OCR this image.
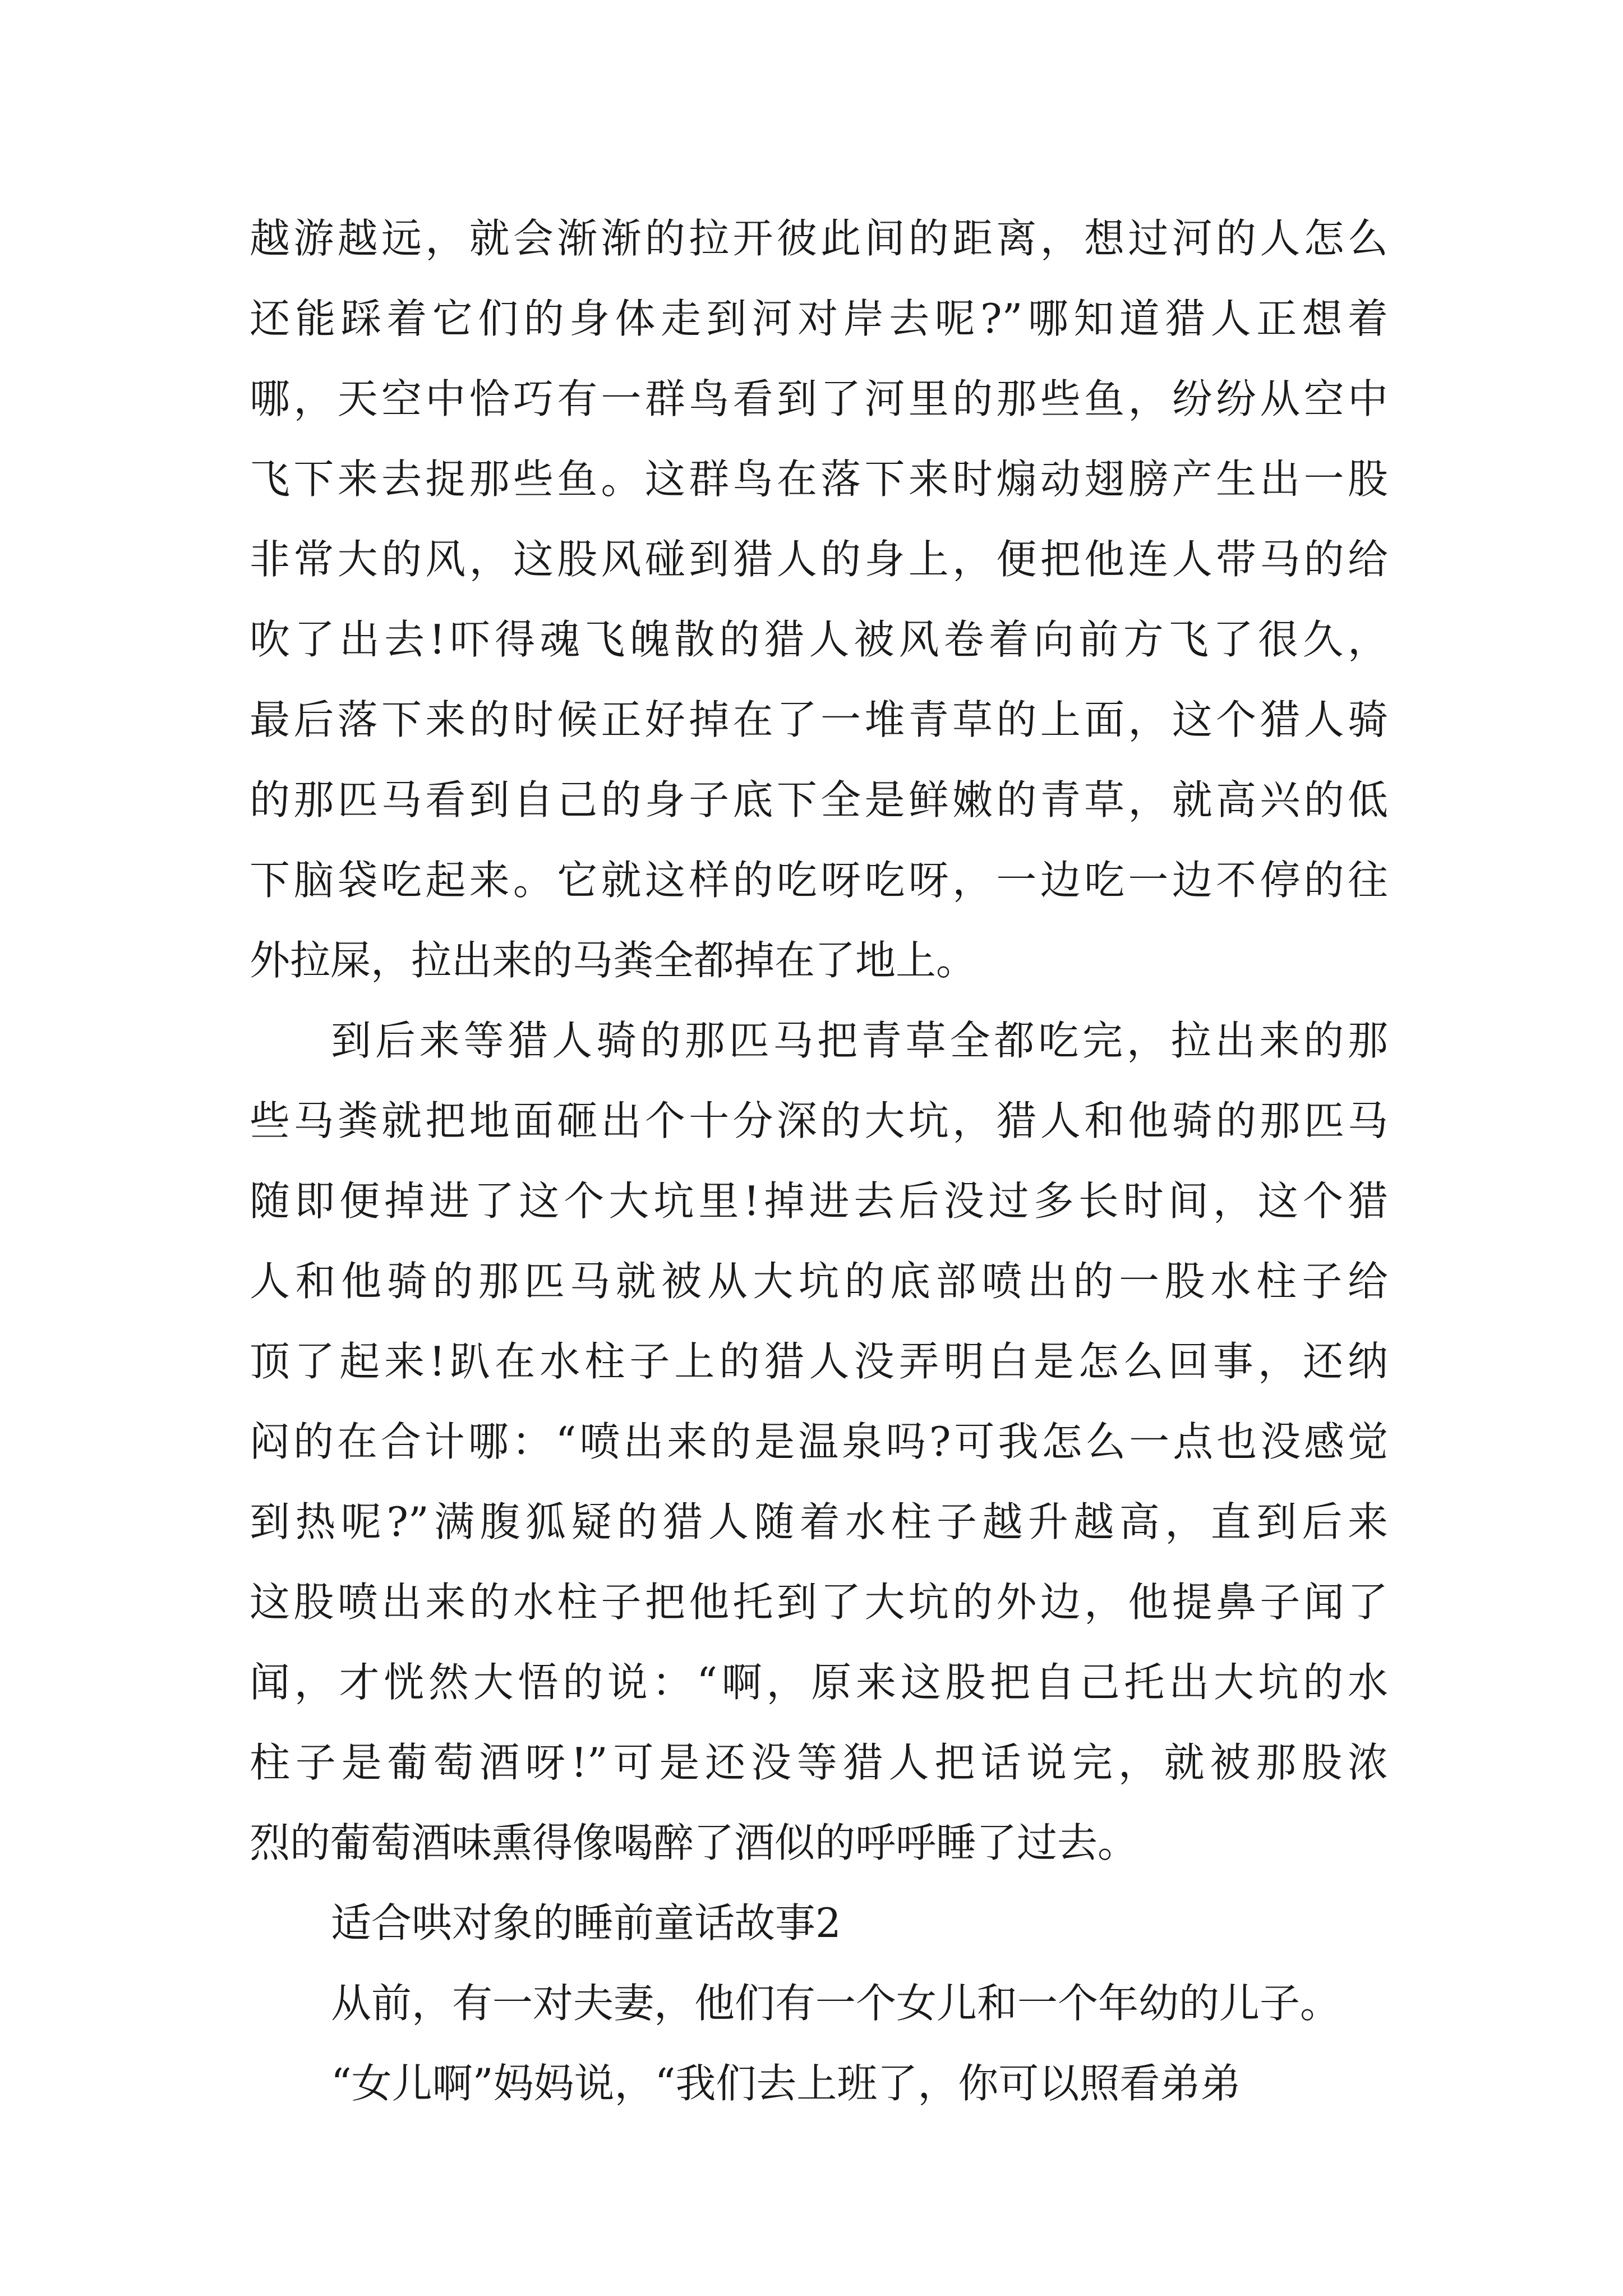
越游越远，就会渐渐的拉开彼此间的距离，想过河的人怎么
还能踩着它们的身体走到河对岸去呢?”哪知道猎人正想着
哪，天空中恰巧有一群鸟看到了河里的那些鱼，纷纷从空中
飞下来去捉那些鱼。这群鸟在落下来时煽动翅膀产生出一股
非常大的风，这股风碰到猎人的身上，便把他连人带马的给
吹了出去!吓得魂飞魄散的猎人被风卷着向前方飞了很久，
最后落下来的时候正好掉在了一堆青草的上面，这个猎人骑
的那匹马看到自己的身子底下全是鲜嫩的青草，就高兴的低
下脑袋吃起来。它就这样的吃呀吃呀，一边吃一边不停的往
外拉屎，拉出来的马粪全都掉在了地上。
到后来等猎人骑的那匹马把青草全都吃完，拉出来的那
些马粪就把地面砸出个十分深的大坑，猎人和他骑的那匹马
随即便掉进了这个大坑里!掉进去后没过多长时间，这个猎
人和他骑的那匹马就被从大坑的底部喷出的一股水柱子给
顶了起来!趴在水柱子上的猎人没弄明白是怎么回事，还纳
闷的在合计哪：“喷出来的是温泉吗?可我怎么一点也没感觉
到热呢?”满腹狐疑的猎人随着水柱子越升越高，直到后来
这股喷出来的水柱子把他托到了大坑的外边，他提鼻子闻了
闻，才恍然大悟的说：“啊，原来这股把自己托出大坑的水
柱子是葡萄酒呀!”可是还没等猎人把话说完，就被那股浓
烈的葡萄酒味熏得像喝醉了酒似的呼呼睡了过去。
适合哄对象的睡前童话故事2
从前，有一对夫妻，他们有一个女儿和一个年幼的儿子。
“女儿啊”妈妈说，“我们去上班了，你可以照看弟弟
